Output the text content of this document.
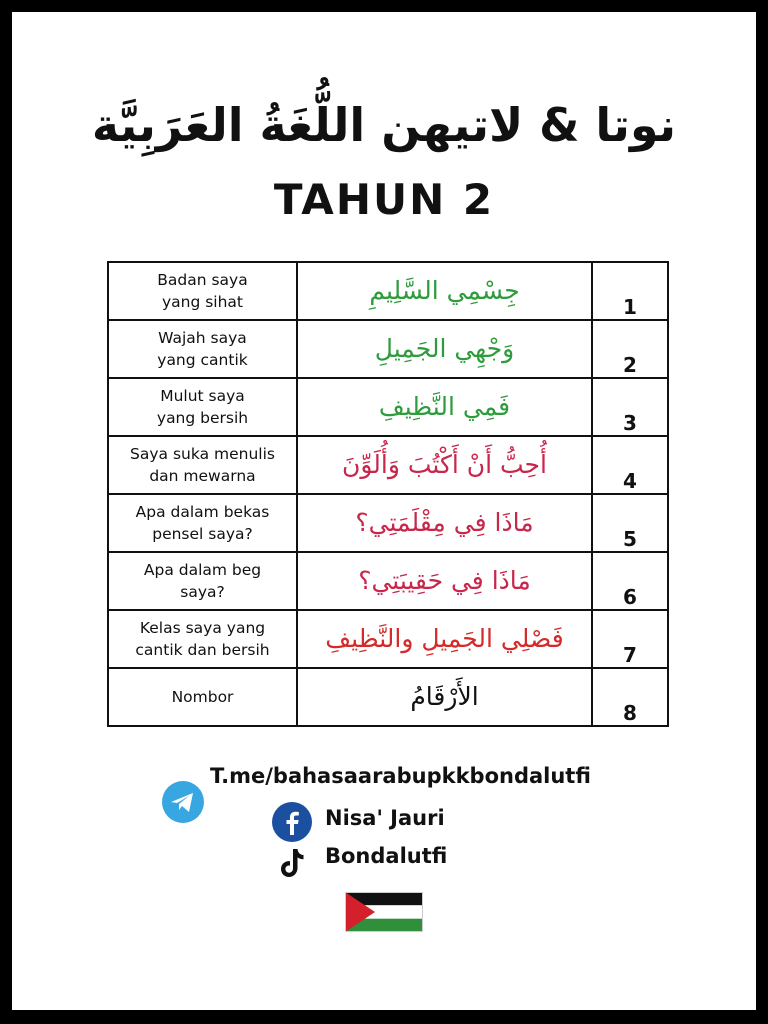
نوتا & لاتيهن اللُّغَةُ العَرَبِيَّة
TAHUN 2
Badan saya
yang sihat	جِسْمِي السَّلِيمِ	1
Wajah saya
yang cantik	وَجْهِي الجَمِيلِ	2
Mulut saya
yang bersih	فَمِي النَّظِيفِ	3
Saya suka menulis
dan mewarna	أُحِبُّ أَنْ أَكْتُبَ وَأُلَوِّنَ	4
Apa dalam bekas
pensel saya?	مَاذَا فِي مِقْلَمَتِي؟	5
Apa dalam beg
saya?	مَاذَا فِي حَقِيبَتِي؟	6
Kelas saya yang
cantik dan bersih	فَصْلِي الجَمِيلِ والنَّظِيفِ	7
Nombor	الأَرْقَامُ	8
T.me/bahasaarabupkkbondalutfi
Nisa' Jauri
Bondalutfi
